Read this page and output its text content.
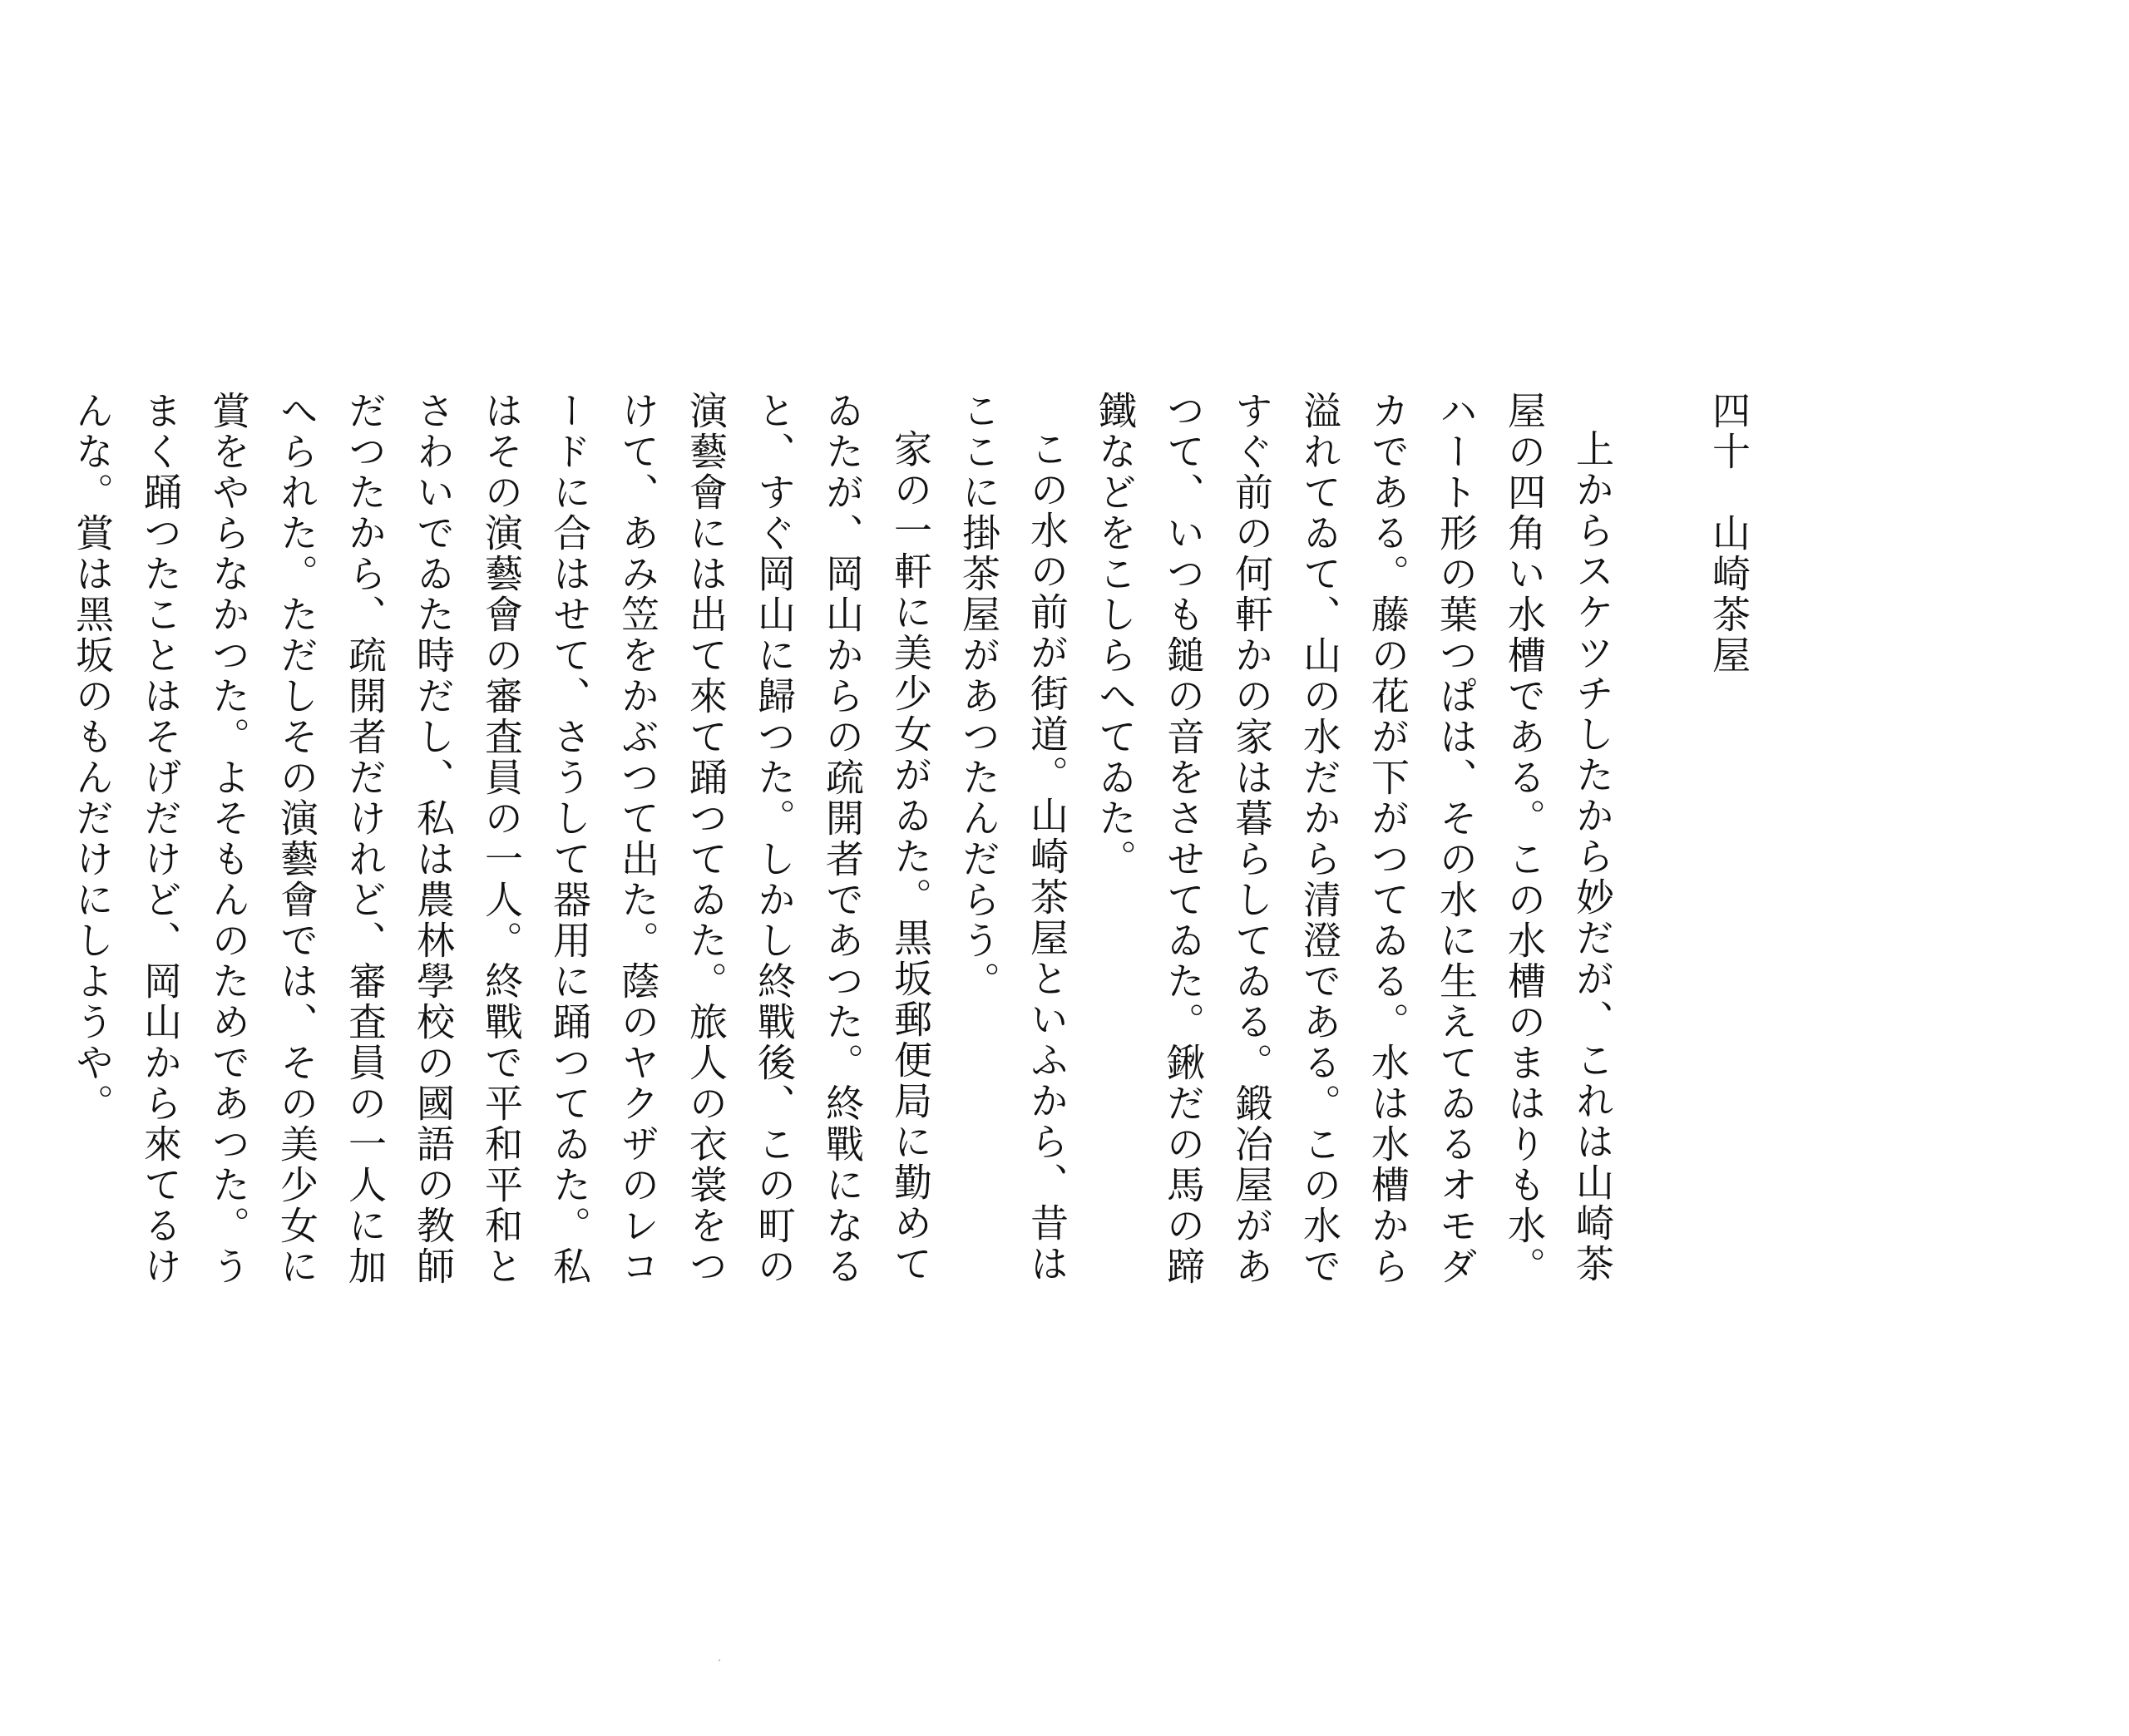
四十　山崎茶屋

上からスケツチしたから妙だが、これは山崎茶屋の四角い水槽である。この水槽のまはりも水。ハート形の葉つぱは、その水に生えてゐるオモダカである。藤の花が下がつてゐる。水は水槽から溢れてゐて、山の水だから清澄である。この水ですぐ前の何軒かの家は暮らしてゐる。鍛冶屋があつて、いつも鎚の音をさせてゐた。鍬だの馬の蹄鐵などをこしらへてゐた。

この水の前が街道。山崎茶屋といふから、昔はここに掛茶屋があつたんだらう。

家の一軒に美少女がゐた。黒坂郵便局に勤めてゐたが、岡山からの疏開者であつた。終戰になると、すぐ岡山に歸つた。しかし終戰後、この町の演藝會には出て來て踊つてゐた。旅人の衣裳をつけて、あみ笠をかぶつて出た。蔭のヤクザのレコードに合はせて、さうして器用に踊つてゐた。私はその演藝會の審査員の一人。終戰で平和平和とさわいでゐた時だし、私は農林學校の國語の教師だつたから、疏開者だけれど、審査員の一人に加へられた。ただしその演藝會では、その美少女に賞をやらなかつた。よそもんのためであつた。うまく踊つたことはそげだけど、岡山から來てるけんな。賞は黑坂のもんだけにしようや。
